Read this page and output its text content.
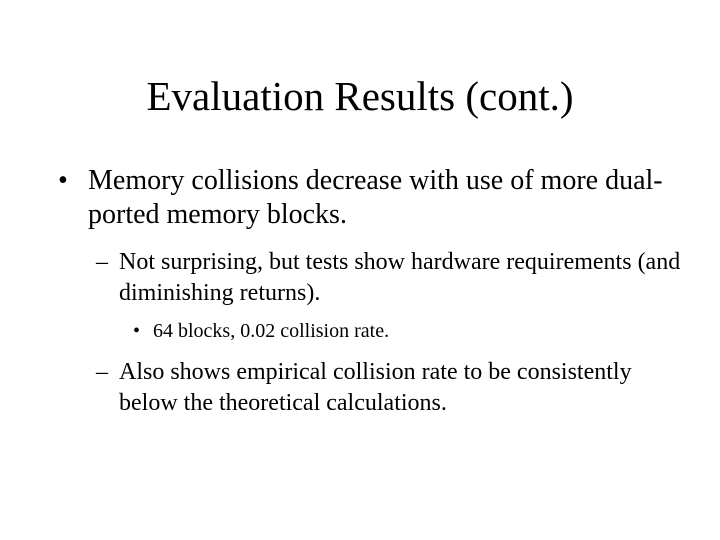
Evaluation Results (cont.)
• Memory collisions decrease with use of more dual-ported memory blocks.
– Not surprising, but tests show hardware requirements (and diminishing returns).
• 64 blocks, 0.02 collision rate.
– Also shows empirical collision rate to be consistently below the theoretical calculations.
